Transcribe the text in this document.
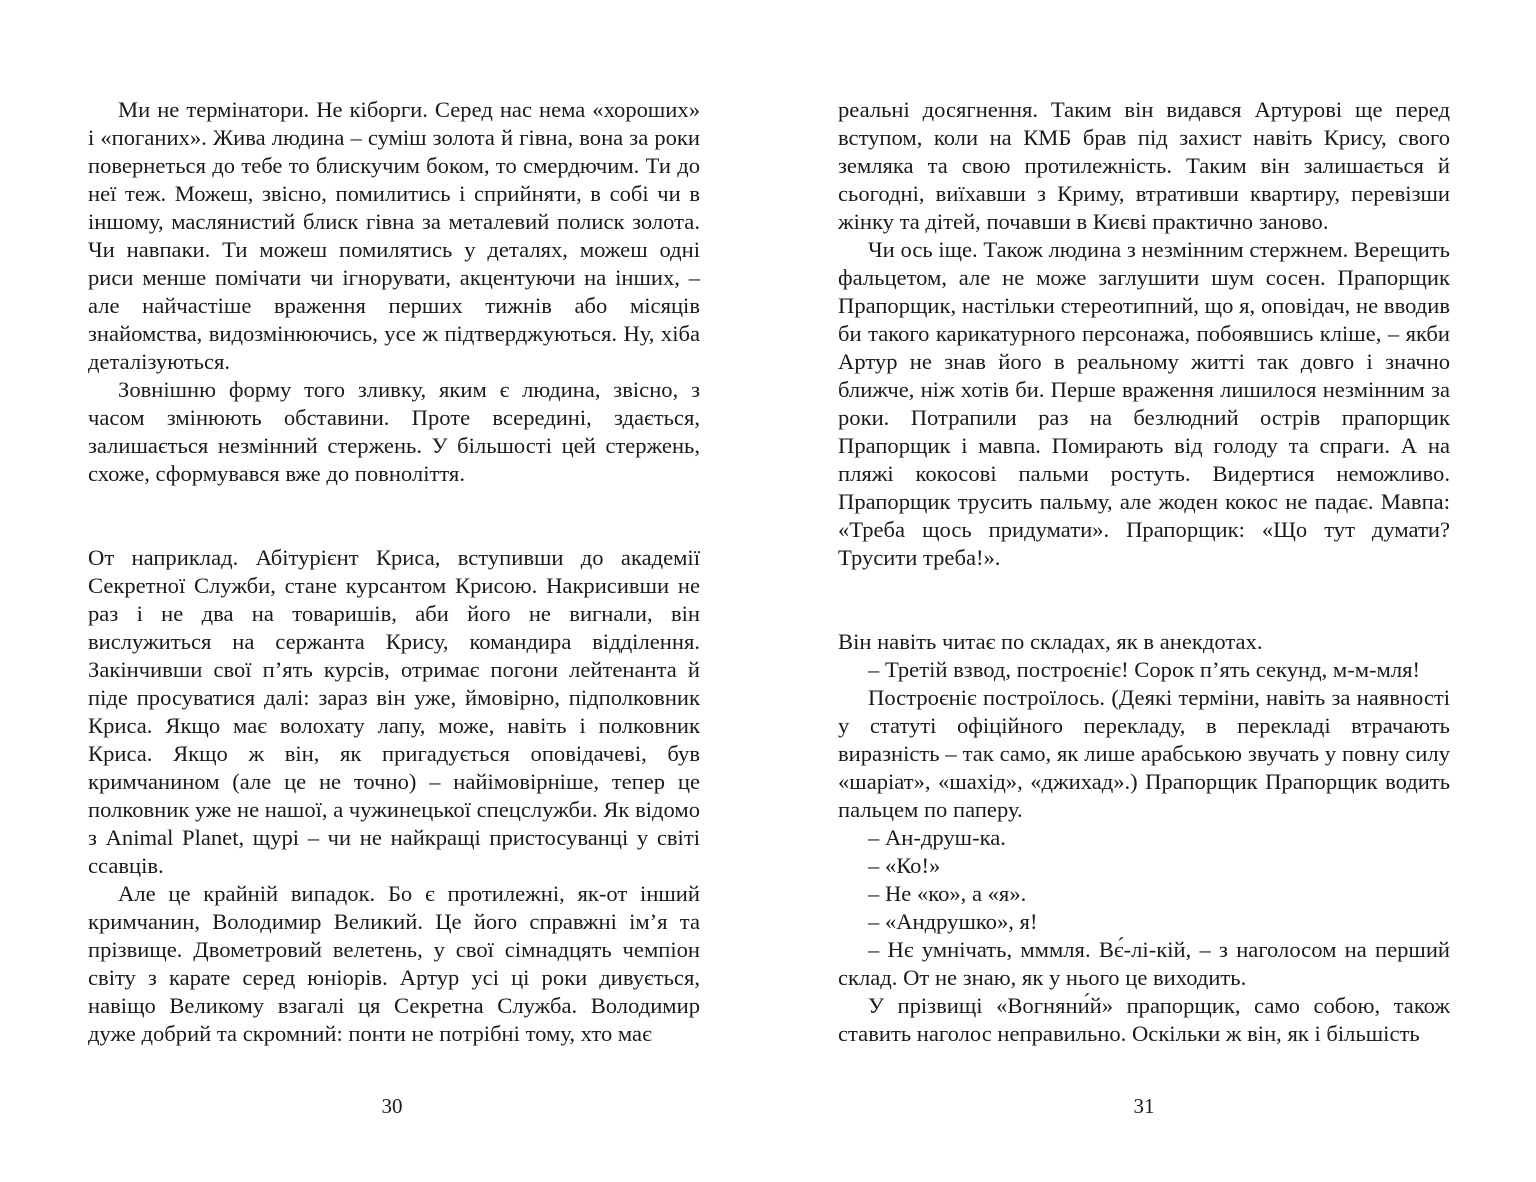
Ми не термінатори. Не кіборги. Серед нас нема «хороших» і «поганих». Жива людина – суміш золота й гівна, вона за роки повернеться до тебе то блискучим боком, то смердючим. Ти до неї теж. Можеш, звісно, помилитись і сприйняти, в собі чи в іншому, маслянистий блиск гівна за металевий полиск золота. Чи навпаки. Ти можеш помилятись у деталях, можеш одні риси менше помічати чи ігнорувати, акцентуючи на інших, – але найчастіше враження перших тижнів або місяців знайомства, видозмінюючись, усе ж підтверджуються. Ну, хіба деталізуються.

Зовнішню форму того зливку, яким є людина, звісно, з часом змінюють обставини. Проте всередині, здається, залишається незмінний стержень. У більшості цей стержень, схоже, сформувався вже до повноліття.

От наприклад. Абітурієнт Криса, вступивши до академії Секретної Служби, стане курсантом Крисою. Накрисивши не раз і не два на товаришів, аби його не вигнали, він вислужиться на сержанта Крису, командира відділення. Закінчивши свої п’ять курсів, отримає погони лейтенанта й піде просуватися далі: зараз він уже, ймовірно, підполковник Криса. Якщо має волохату лапу, може, навіть і полковник Криса. Якщо ж він, як пригадується оповідачеві, був кримчанином (але це не точно) – найімовірніше, тепер це полковник уже не нашої, а чужинецької спецслужби. Як відомо з Animal Planet, щурі – чи не найкращі пристосуванці у світі ссавців.

Але це крайній випадок. Бо є протилежні, як-от інший кримчанин, Володимир Великий. Це його справжні ім’я та прізвище. Двометровий велетень, у свої сімнадцять чемпіон світу з карате серед юніорів. Артур усі ці роки дивується, навіщо Великому взагалі ця Секретна Служба. Володимир дуже добрий та скромний: понти не потрібні тому, хто має

реальні досягнення. Таким він видався Артурові ще перед вступом, коли на КМБ брав під захист навіть Крису, свого земляка та свою протилежність. Таким він залишається й сьогодні, виїхавши з Криму, втративши квартиру, перевізши жінку та дітей, почавши в Києві практично заново.

Чи ось іще. Також людина з незмінним стержнем. Верещить фальцетом, але не може заглушити шум сосен. Прапорщик Прапорщик, настільки стереотипний, що я, оповідач, не вводив би такого карикатурного персонажа, побоявшись кліше, – якби Артур не знав його в реальному житті так довго і значно ближче, ніж хотів би. Перше враження лишилося незмінним за роки. Потрапили раз на безлюдний острів прапорщик Прапорщик і мавпа. Помирають від голоду та спраги. А на пляжі кокосові пальми ростуть. Видертися неможливо. Прапорщик трусить пальму, але жоден кокос не падає. Мавпа: «Треба щось придумати». Прапорщик: «Що тут думати? Трусити треба!».

Він навіть читає по складах, як в анекдотах.

– Третій взвод, построєніє! Сорок п’ять секунд, м-м-мля!

Построєніє построїлось. (Деякі терміни, навіть за наявності у статуті офіційного перекладу, в перекладі втрачають виразність – так само, як лише арабською звучать у повну силу «шаріат», «шахід», «джихад».) Прапорщик Прапорщик водить пальцем по паперу.

– Ан-друш-ка.

– «Ко!»

– Не «ко», а «я».

– «Андрушко», я!

– Нє умнічать, мммля. Вє́-лі-кій, – з наголосом на перший склад. От не знаю, як у нього це виходить.

У прізвищі «Вогняни́й» прапорщик, само собою, також ставить наголос неправильно. Оскільки ж він, як і більшість

30	31
